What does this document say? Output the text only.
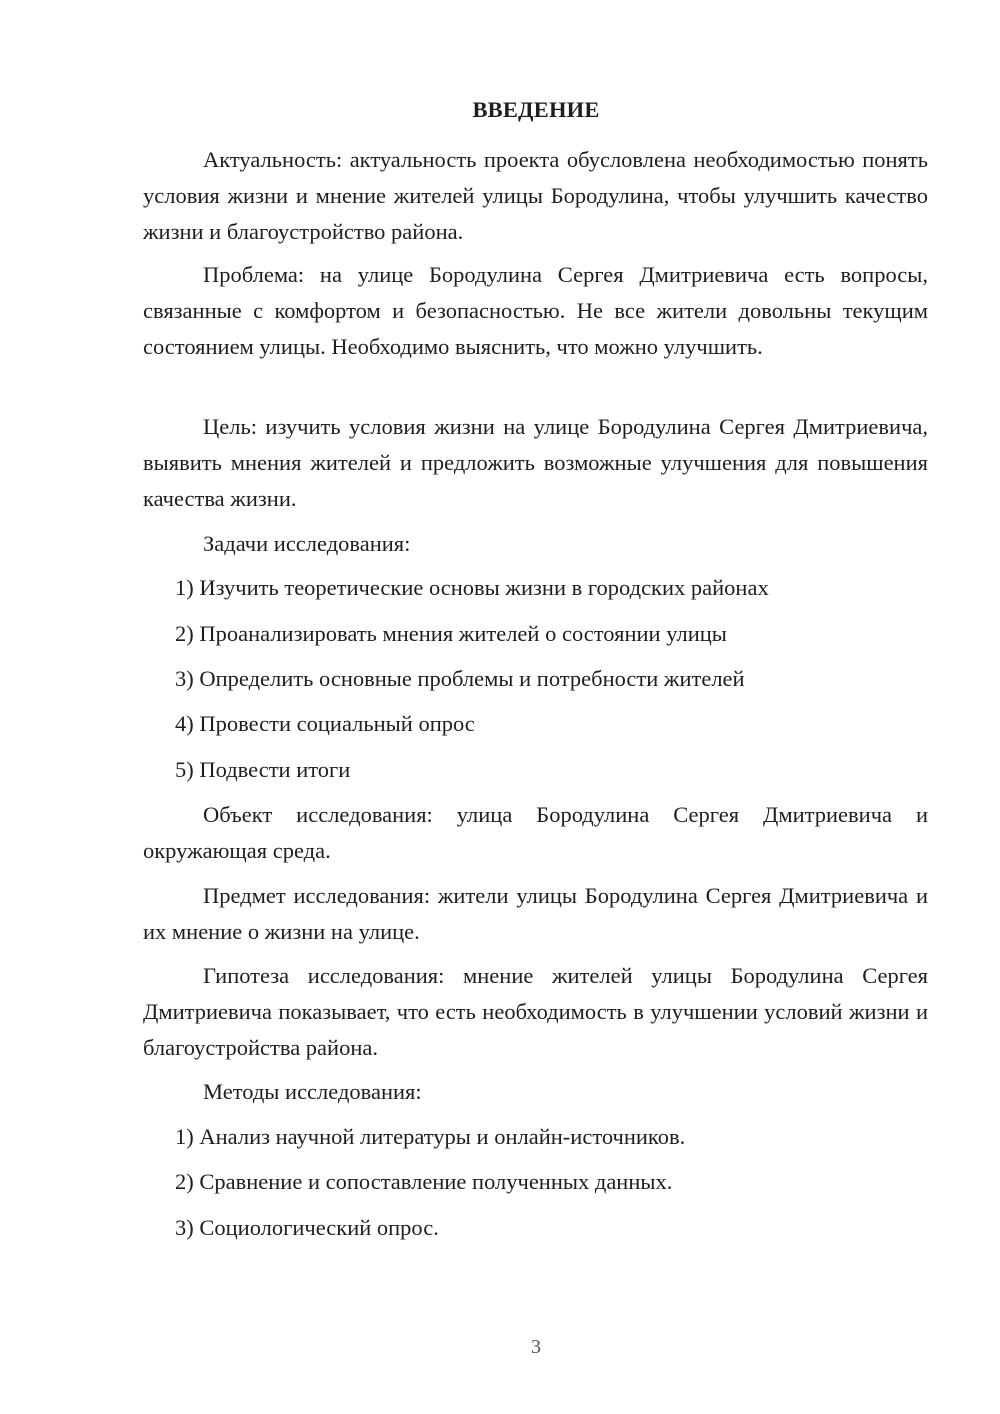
ВВЕДЕНИЕ

Актуальность: актуальность проекта обусловлена необходимостью понять условия жизни и мнение жителей улицы Бородулина, чтобы улучшить качество жизни и благоустройство района.

Проблема: на улице Бородулина Сергея Дмитриевича есть вопросы, связанные с комфортом и безопасностью. Не все жители довольны текущим состоянием улицы. Необходимо выяснить, что можно улучшить.

Цель: изучить условия жизни на улице Бородулина Сергея Дмитриевича, выявить мнения жителей и предложить возможные улучшения для повышения качества жизни.

Задачи исследования:

1) Изучить теоретические основы жизни в городских районах
2) Проанализировать мнения жителей о состоянии улицы
3) Определить основные проблемы и потребности жителей
4) Провести социальный опрос
5) Подвести итоги

Объект исследования: улица Бородулина Сергея Дмитриевича и окружающая среда.

Предмет исследования: жители улицы Бородулина Сергея Дмитриевича и их мнение о жизни на улице.

Гипотеза исследования: мнение жителей улицы Бородулина Сергея Дмитриевича показывает, что есть необходимость в улучшении условий жизни и благоустройства района.

Методы исследования:

1) Анализ научной литературы и онлайн-источников.
2) Сравнение и сопоставление полученных данных.
3) Социологический опрос.
3
